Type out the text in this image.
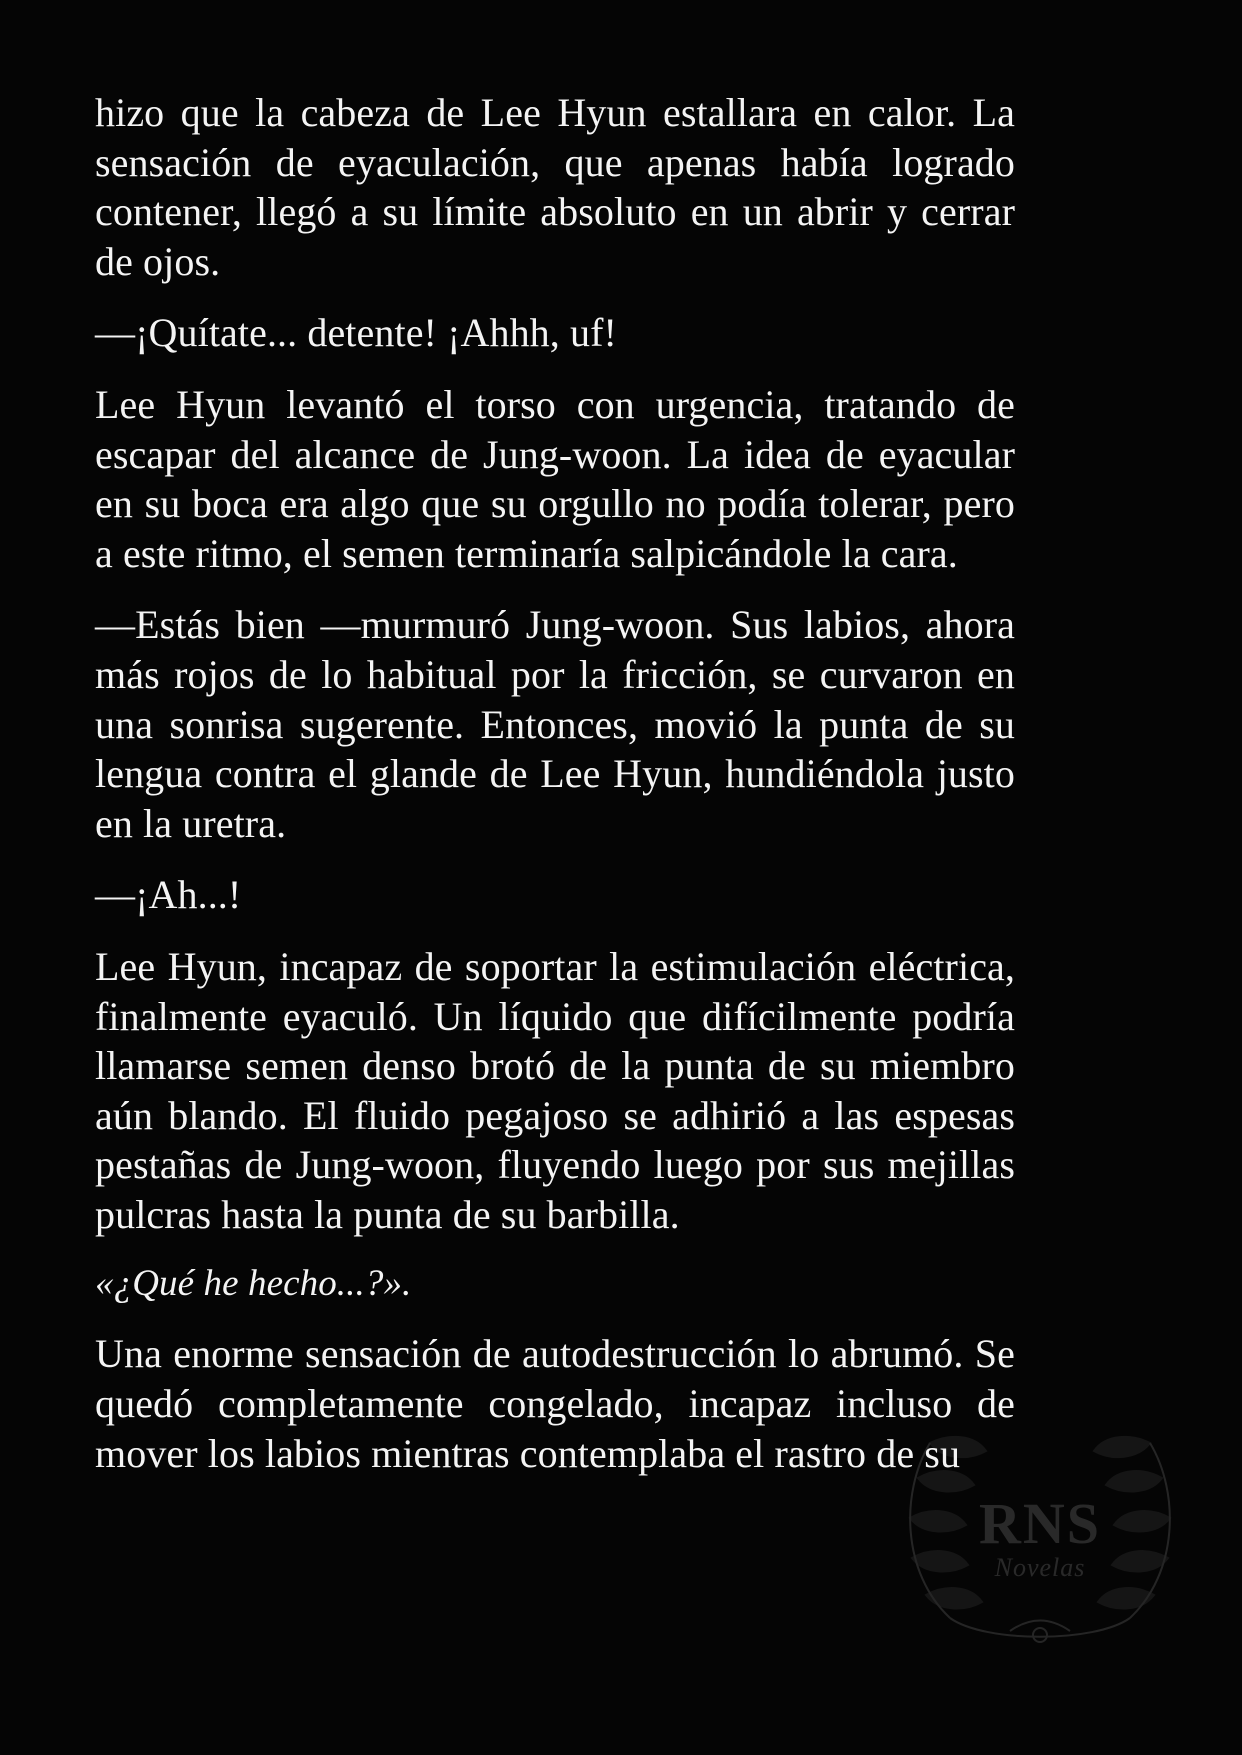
hizo que la cabeza de Lee Hyun estallara en calor. La sensación de eyaculación, que apenas había logrado contener, llegó a su límite absoluto en un abrir y cerrar de ojos.

—¡Quítate... detente! ¡Ahhh, uf!

Lee Hyun levantó el torso con urgencia, tratando de escapar del alcance de Jung-woon. La idea de eyacular en su boca era algo que su orgullo no podía tolerar, pero a este ritmo, el semen terminaría salpicándole la cara.

—Estás bien —murmuró Jung-woon. Sus labios, ahora más rojos de lo habitual por la fricción, se curvaron en una sonrisa sugerente. Entonces, movió la punta de su lengua contra el glande de Lee Hyun, hundiéndola justo en la uretra.

—¡Ah...!

Lee Hyun, incapaz de soportar la estimulación eléctrica, finalmente eyaculó. Un líquido que difícilmente podría llamarse semen denso brotó de la punta de su miembro aún blando. El fluido pegajoso se adhirió a las espesas pestañas de Jung-woon, fluyendo luego por sus mejillas pulcras hasta la punta de su barbilla.

«¿Qué he hecho...?».

Una enorme sensación de autodestrucción lo abrumó. Se quedó completamente congelado, incapaz incluso de mover los labios mientras contemplaba el rastro de su

RNS
Novelas
